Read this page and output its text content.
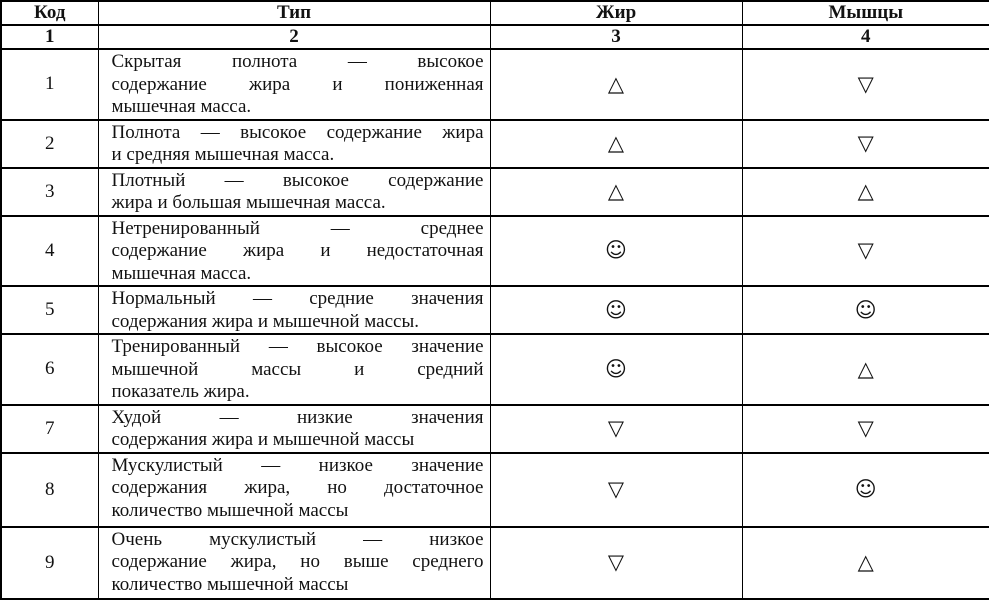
Код	Тип	Жир	Мышцы
1	2	3	4
1	Скрытая полнота — высокое
содержание жира и пониженная
мышечная масса.	△	▽
2	Полнота — высокое содержание жира
и средняя мышечная масса.	△	▽
3	Плотный — высокое содержание
жира и большая мышечная масса.	△	△
4	Нетренированный — среднее
содержание жира и недостаточная
мышечная масса.	☺	▽
5	Нормальный — средние значения
содержания жира и мышечной массы.	☺	☺
6	Тренированный — высокое значение
мышечной массы и средний
показатель жира.	☺	△
7	Худой — низкие значения
содержания жира и мышечной массы	▽	▽
8	Мускулистый — низкое значение
содержания жира, но достаточное
количество мышечной массы	▽	☺
9	Очень мускулистый — низкое
содержание жира, но выше среднего
количество мышечной массы	▽	△
